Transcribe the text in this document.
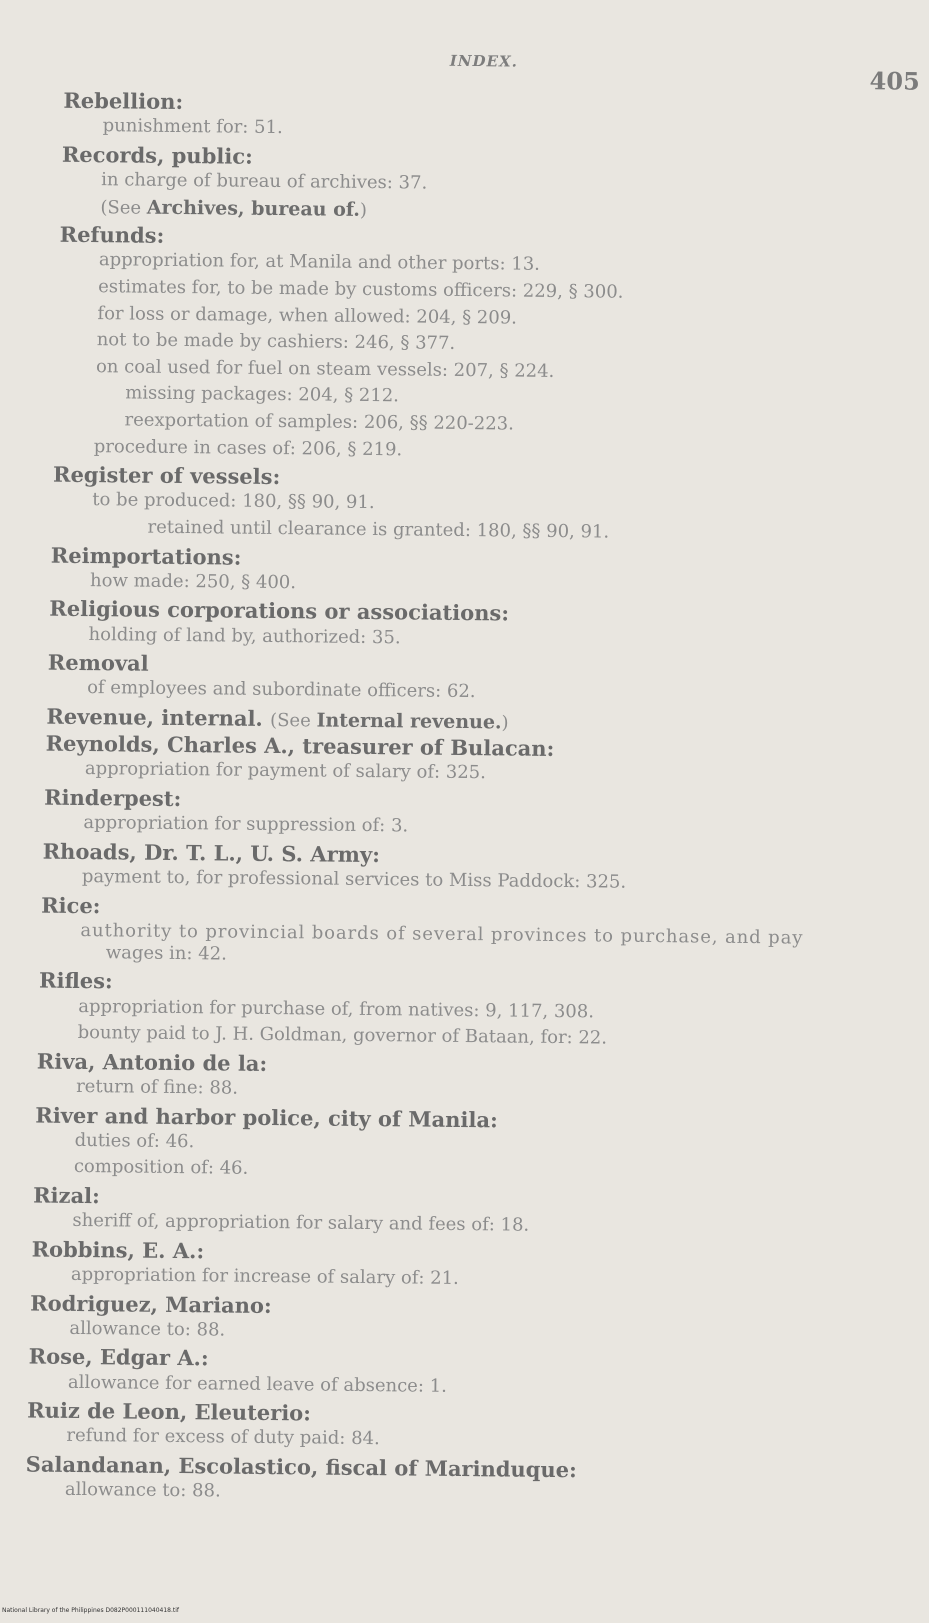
INDEX.
405
Rebellion:
punishment for: 51.
Records, public:
in charge of bureau of archives: 37.
(See Archives, bureau of.)
Refunds:
appropriation for, at Manila and other ports: 13.
estimates for, to be made by customs officers: 229, § 300.
for loss or damage, when allowed: 204, § 209.
not to be made by cashiers: 246, § 377.
on coal used for fuel on steam vessels: 207, § 224.
missing packages: 204, § 212.
reexportation of samples: 206, §§ 220-223.
procedure in cases of: 206, § 219.
Register of vessels:
to be produced: 180, §§ 90, 91.
retained until clearance is granted: 180, §§ 90, 91.
Reimportations:
how made: 250, § 400.
Religious corporations or associations:
holding of land by, authorized: 35.
Removal
of employees and subordinate officers: 62.
Revenue, internal. (See Internal revenue.)
Reynolds, Charles A., treasurer of Bulacan:
appropriation for payment of salary of: 325.
Rinderpest:
appropriation for suppression of: 3.
Rhoads, Dr. T. L., U. S. Army:
payment to, for professional services to Miss Paddock: 325.
Rice:
authority to provincial boards of several provinces to purchase, and pay
wages in: 42.
Rifles:
appropriation for purchase of, from natives: 9, 117, 308.
bounty paid to J. H. Goldman, governor of Bataan, for: 22.
Riva, Antonio de la:
return of fine: 88.
River and harbor police, city of Manila:
duties of: 46.
composition of: 46.
Rizal:
sheriff of, appropriation for salary and fees of: 18.
Robbins, E. A.:
appropriation for increase of salary of: 21.
Rodriguez, Mariano:
allowance to: 88.
Rose, Edgar A.:
allowance for earned leave of absence: 1.
Ruiz de Leon, Eleuterio:
refund for excess of duty paid: 84.
Salandanan, Escolastico, fiscal of Marinduque:
allowance to: 88.
National Library of the Philippines D082P000111040418.tif
